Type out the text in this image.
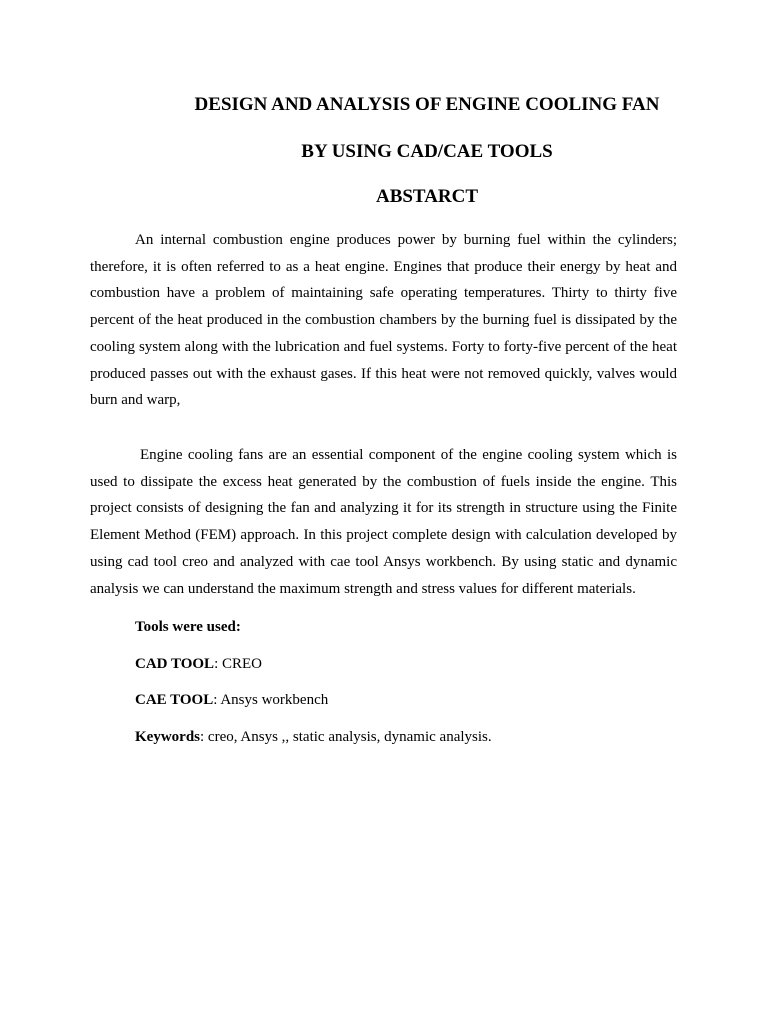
DESIGN AND ANALYSIS OF ENGINE COOLING FAN
BY USING CAD/CAE TOOLS
ABSTARCT

An internal combustion engine produces power by burning fuel within the cylinders; therefore, it is often referred to as a heat engine. Engines that produce their energy by heat and combustion have a problem of maintaining safe operating temperatures. Thirty to thirty five percent of the heat produced in the combustion chambers by the burning fuel is dissipated by the cooling system along with the lubrication and fuel systems. Forty to forty-five percent of the heat produced passes out with the exhaust gases. If this heat were not removed quickly, valves would burn and warp,

Engine cooling fans are an essential component of the engine cooling system which is used to dissipate the excess heat generated by the combustion of fuels inside the engine. This project consists of designing the fan and analyzing it for its strength in structure using the Finite Element Method (FEM) approach. In this project complete design with calculation developed by using cad tool creo and analyzed with cae tool Ansys workbench. By using static and dynamic analysis we can understand the maximum strength and stress values for different materials.

Tools were used:

CAD TOOL: CREO

CAE TOOL: Ansys workbench

Keywords: creo, Ansys ,, static analysis, dynamic analysis.
